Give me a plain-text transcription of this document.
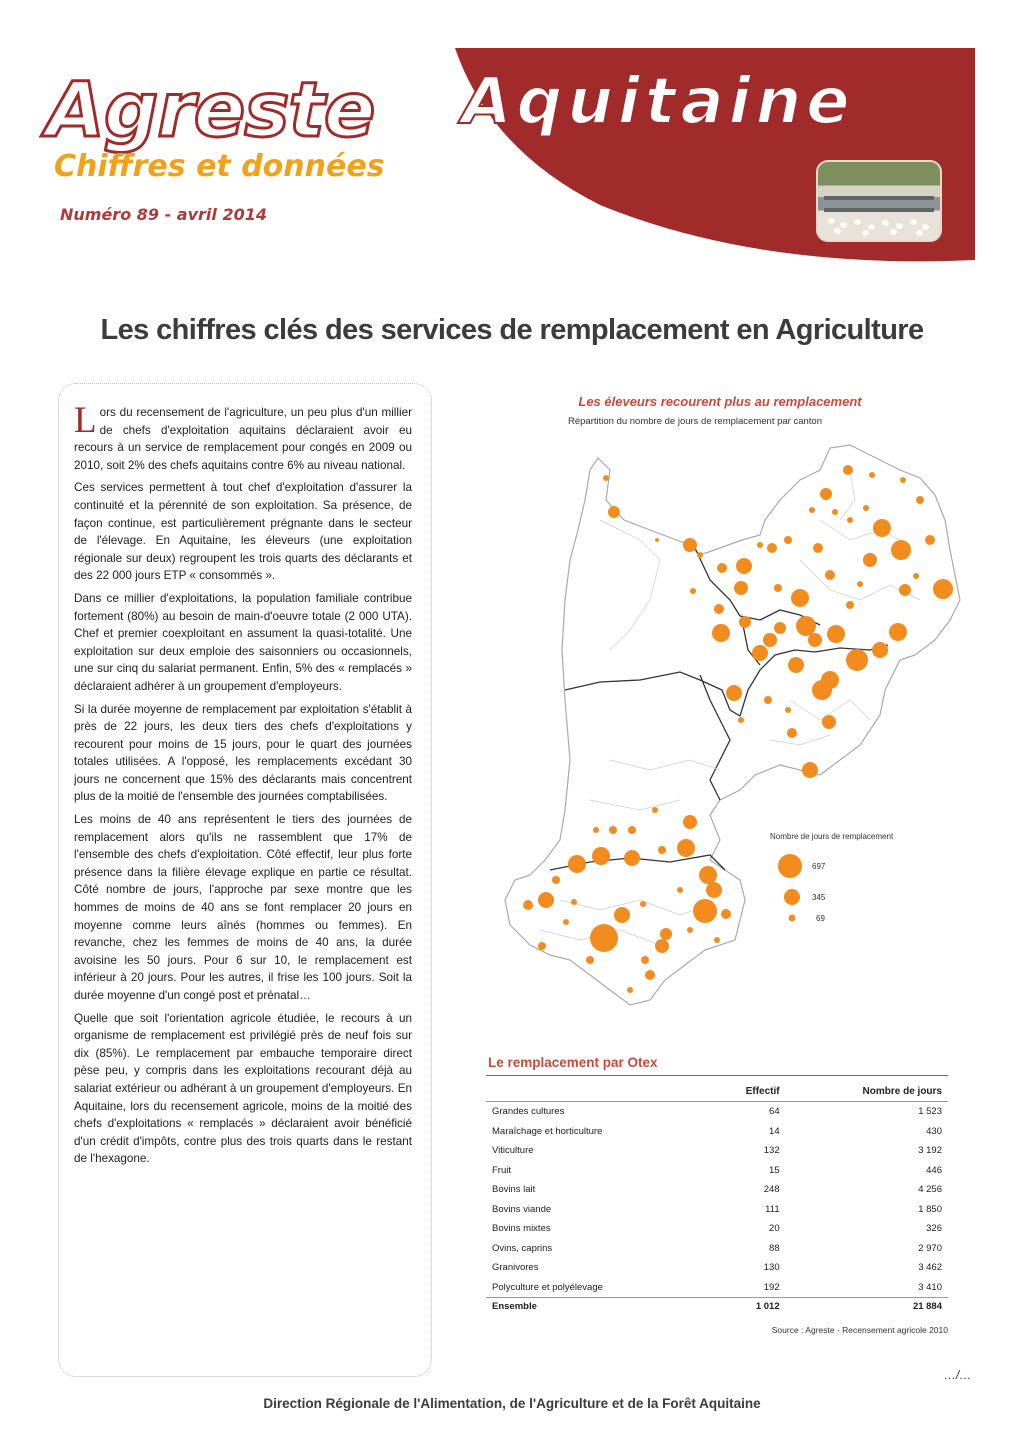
Agreste Aquitaine
Chiffres et données
Numéro 89 - avril 2014
Les chiffres clés des services de remplacement en Agriculture

Lors du recensement de l'agriculture, un peu plus d'un millier de chefs d'exploitation aquitains déclaraient avoir eu recours à un service de remplacement pour congés en 2009 ou 2010, soit 2% des chefs aquitains contre 6% au niveau national.

Ces services permettent à tout chef d'exploitation d'assurer la continuité et la pérennité de son exploitation. Sa présence, de façon continue, est particulièrement prégnante dans le secteur de l'élevage. En Aquitaine, les éleveurs (une exploitation régionale sur deux) regroupent les trois quarts des déclarants et des 22 000 jours ETP « consommés ».

Dans ce millier d'exploitations, la population familiale contribue fortement (80%) au besoin de main-d'oeuvre totale (2 000 UTA). Chef et premier coexploitant en assument la quasi-totalité. Une exploitation sur deux emploie des saisonniers ou occasionnels, une sur cinq du salariat permanent. Enfin, 5% des « remplacés » déclaraient adhérer à un groupement d'employeurs.

Si la durée moyenne de remplacement par exploitation s'établit à près de 22 jours, les deux tiers des chefs d'exploitations y recourent pour moins de 15 jours, pour le quart des journées totales utilisées. A l'opposé, les remplacements excédant 30 jours ne concernent que 15% des déclarants mais concentrent plus de la moitié de l'ensemble des journées comptabilisées.

Les moins de 40 ans représentent le tiers des journées de remplacement alors qu'ils ne rassemblent que 17% de l'ensemble des chefs d'exploitation. Côté effectif, leur plus forte présence dans la filière élevage explique en partie ce résultat. Côté nombre de jours, l'approche par sexe montre que les hommes de moins de 40 ans se font remplacer 20 jours en moyenne comme leurs aînés (hommes ou femmes). En revanche, chez les femmes de moins de 40 ans, la durée avoisine les 50 jours. Pour 6 sur 10, le remplacement est inférieur à 20 jours. Pour les autres, il frise les 100 jours. Soit la durée moyenne d'un congé post et prénatal…

Quelle que soit l'orientation agricole étudiée, le recours à un organisme de remplacement est privilégié près de neuf fois sur dix (85%). Le remplacement par embauche temporaire direct pèse peu, y compris dans les exploitations recourant déjà au salariat extérieur ou adhérant à un groupement d'employeurs. En Aquitaine, lors du recensement agricole, moins de la moitié des chefs d'exploitations « remplacés » déclaraient avoir bénéficié d'un crédit d'impôts, contre plus des trois quarts dans le restant de l'hexagone.

Les éleveurs recourent plus au remplacement
Répartition du nombre de jours de remplacement par canton
Nombre de jours de remplacement
697
345
69
Le remplacement par Otex
	Effectif	Nombre de jours
Grandes cultures	64	1 523
Maraîchage et horticulture	14	430
Viticulture	132	3 192
Fruit	15	446
Bovins lait	248	4 256
Bovins viande	111	1 850
Bovins mixtes	20	326
Ovins, caprins	88	2 970
Granivores	130	3 462
Polyculture et polyélevage	192	3 410
Ensemble	1 012	21 884
Source : Agreste - Recensement agricole 2010
…/…
Direction Régionale de l'Alimentation, de l'Agriculture et de la Forêt Aquitaine
